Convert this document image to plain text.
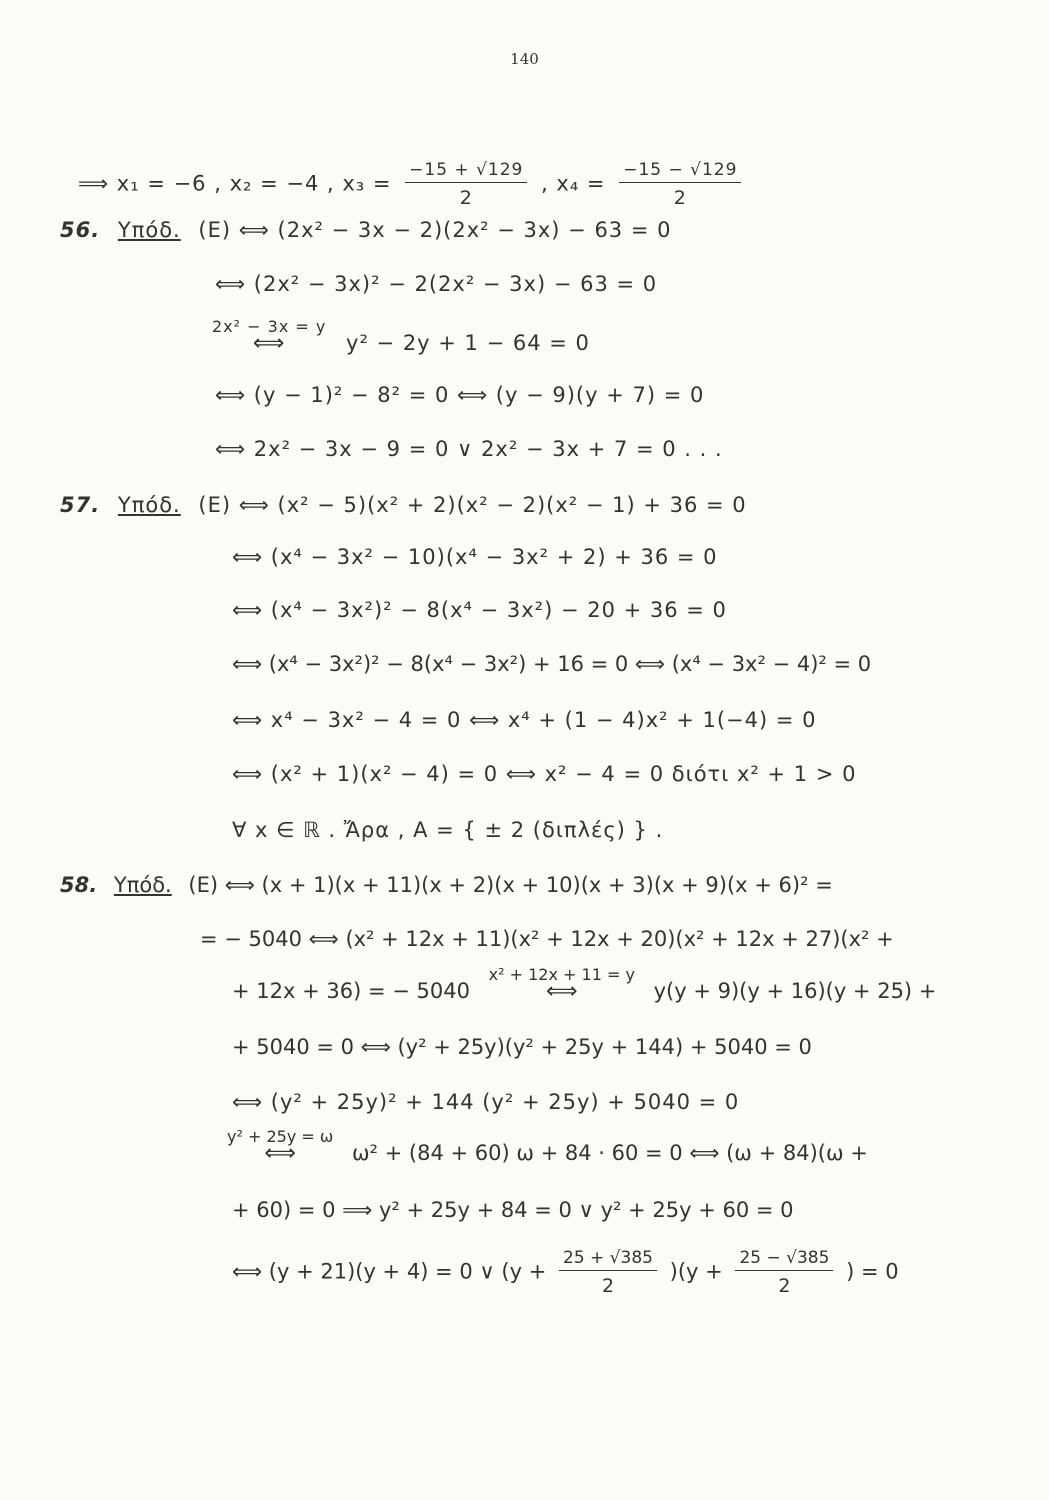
140
⟹ x₁ = −6 , x₂ = −4 , $x_3 = \frac{-15 + √129}{2}$ , $x_4 = \frac{-15 - √129}{2}$
56. Υπόδ. (E) ⟺ (2x² − 3x − 2)(2x² − 3x) − 63 = 0
⟺ (2x² − 3x)² − 2(2x² − 3x) − 63 = 0
2x² − 3x = y
⟺	y² − 2y + 1 − 64 = 0
⟺ (y − 1)² − 8² = 0 ⟺ (y − 9)(y + 7) = 0
⟺ 2x² − 3x − 9 = 0 ∨ 2x² − 3x + 7 = 0 . . .
57. Υπόδ. (E) ⟺ (x² − 5)(x² + 2)(x² − 2)(x² − 1) + 36 = 0
⟺ (x⁴ − 3x² − 10)(x⁴ − 3x² + 2) + 36 = 0
⟺ (x⁴ − 3x²)² − 8(x⁴ − 3x²) − 20 + 36 = 0
⟺ (x⁴ − 3x²)² − 8(x⁴ − 3x²) + 16 = 0 ⟺ (x⁴ − 3x² − 4)² = 0
⟺ x⁴ − 3x² − 4 = 0 ⟺ x⁴ + (1 − 4)x² + 1(−4) = 0
⟺ (x² + 1)(x² − 4) = 0 ⟺ x² − 4 = 0 διότι x² + 1 > 0
∀ x ∈ ℝ . Ἄρα , A = { ± 2 (διπλές) } .
58. Υπόδ. (E) ⟺ (x + 1)(x + 11)(x + 2)(x + 10)(x + 3)(x + 9)(x + 6)² =
= − 5040 ⟺ (x² + 12x + 11)(x² + 12x + 20)(x² + 12x + 27)(x² +
+ 12x + 36) = − 5040
x² + 12x + 11 = y
⟺	y(y + 9)(y + 16)(y + 25) +
+ 5040 = 0 ⟺ (y² + 25y)(y² + 25y + 144) + 5040 = 0
⟺ (y² + 25y)² + 144 (y² + 25y) + 5040 = 0
y² + 25y = ω
⟺	ω² + (84 + 60) ω + 84 · 60 = 0 ⟺ (ω + 84)(ω +
+ 60) = 0 ⟹ y² + 25y + 84 = 0 ∨ y² + 25y + 60 = 0
⟺ (y + 21)(y + 4) = 0 ∨ $(y + \frac{25 + √385}{2} )(y + \frac{25 - √385}{2}$ ) = 0
